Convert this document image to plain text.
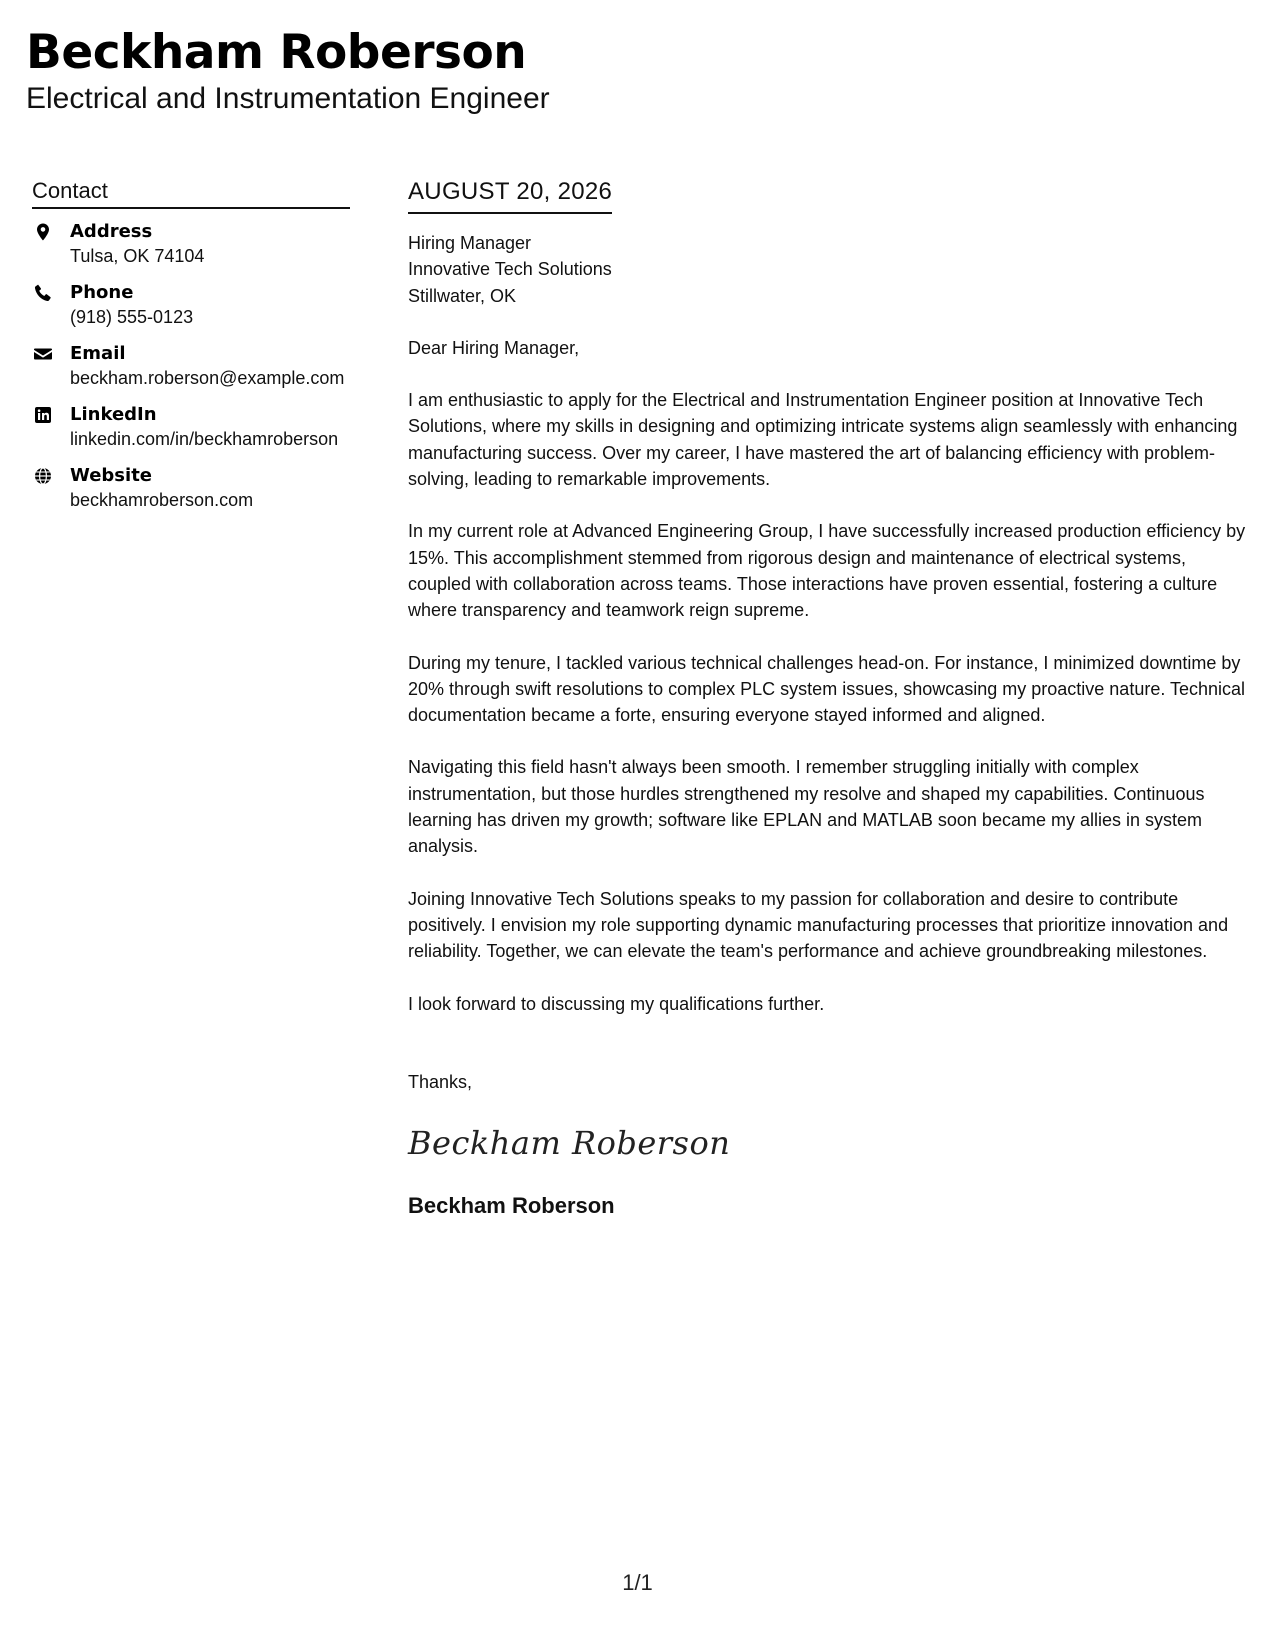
Beckham Roberson
Electrical and Instrumentation Engineer
Contact
Address
Tulsa, OK 74104
Phone
(918) 555-0123
Email
beckham.roberson@example.com
LinkedIn
linkedin.com/in/beckhamroberson
Website
beckhamroberson.com
AUGUST 20, 2026
Hiring Manager
Innovative Tech Solutions
Stillwater, OK
Dear Hiring Manager,
I am enthusiastic to apply for the Electrical and Instrumentation Engineer position at Innovative Tech Solutions, where my skills in designing and optimizing intricate systems align seamlessly with enhancing manufacturing success. Over my career, I have mastered the art of balancing efficiency with problem-solving, leading to remarkable improvements.
In my current role at Advanced Engineering Group, I have successfully increased production efficiency by 15%. This accomplishment stemmed from rigorous design and maintenance of electrical systems, coupled with collaboration across teams. Those interactions have proven essential, fostering a culture where transparency and teamwork reign supreme.
During my tenure, I tackled various technical challenges head-on. For instance, I minimized downtime by 20% through swift resolutions to complex PLC system issues, showcasing my proactive nature. Technical documentation became a forte, ensuring everyone stayed informed and aligned.
Navigating this field hasn't always been smooth. I remember struggling initially with complex instrumentation, but those hurdles strengthened my resolve and shaped my capabilities. Continuous learning has driven my growth; software like EPLAN and MATLAB soon became my allies in system analysis.
Joining Innovative Tech Solutions speaks to my passion for collaboration and desire to contribute positively. I envision my role supporting dynamic manufacturing processes that prioritize innovation and reliability. Together, we can elevate the team's performance and achieve groundbreaking milestones.
I look forward to discussing my qualifications further.
Thanks,
Beckham Roberson
Beckham Roberson
1/1
